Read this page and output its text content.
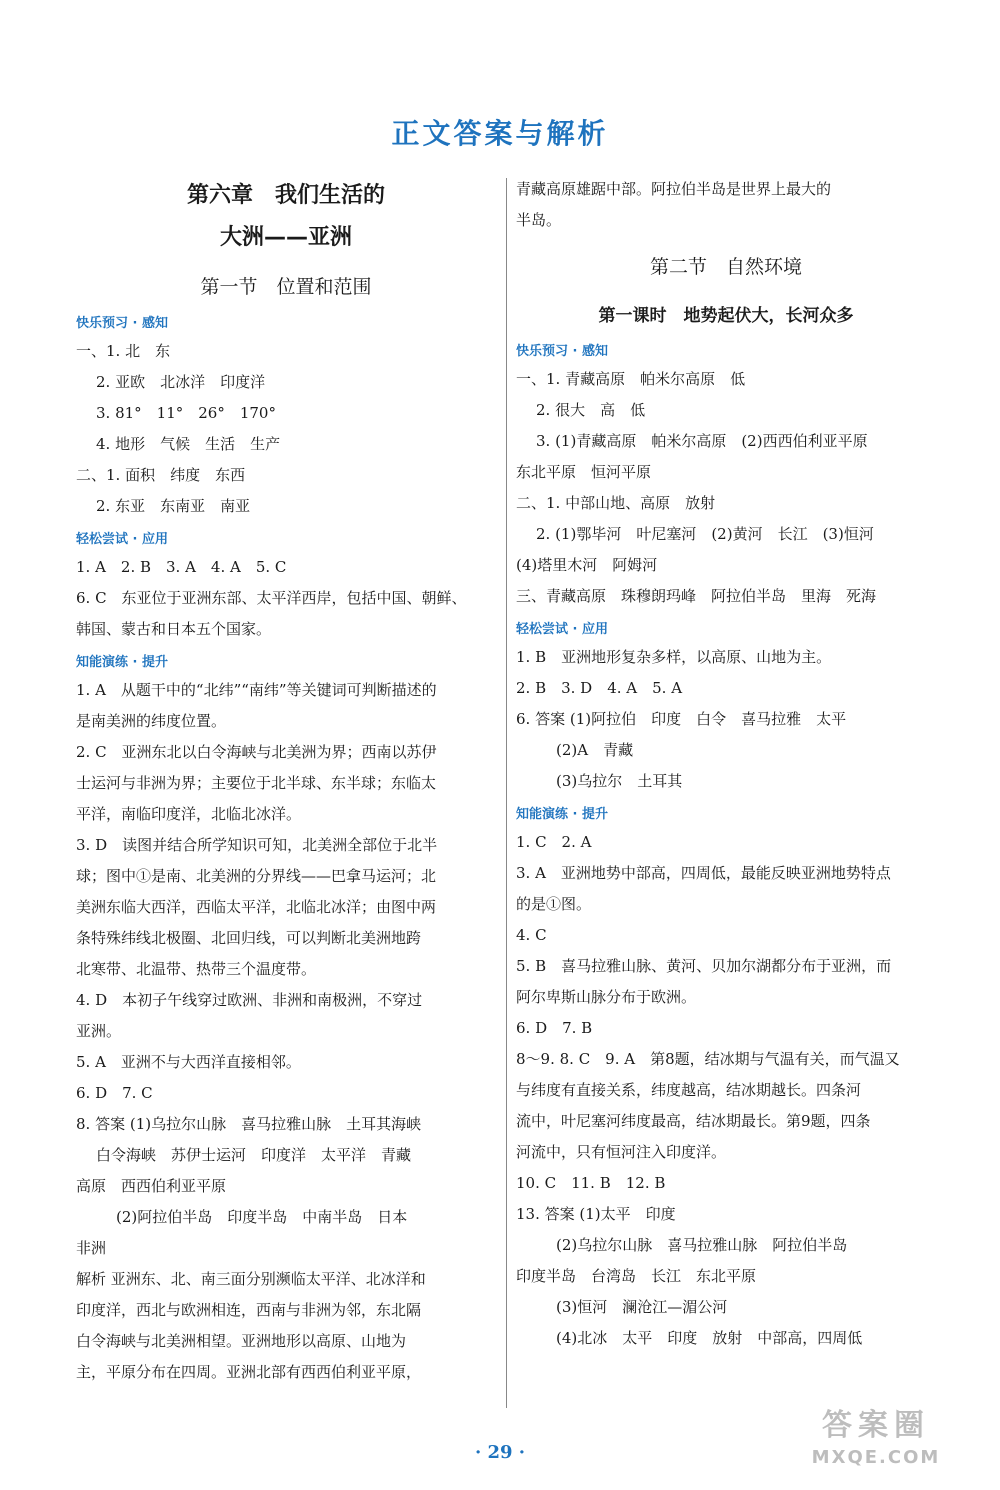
正文答案与解析
第六章　我们生活的
大洲——亚洲
第一节　位置和范围
快乐预习 · 感知
一、1. 北　东
2. 亚欧　北冰洋　印度洋
3. 81°　11°　26°　170°
4. 地形　气候　生活　生产
二、1. 面积　纬度　东西
2. 东亚　东南亚　南亚
轻松尝试 · 应用
1. A　2. B　3. A　4. A　5. C
6. C　东亚位于亚洲东部、太平洋西岸，包括中国、朝鲜、
韩国、蒙古和日本五个国家。
知能演练 · 提升
1. A　从题干中的“北纬”“南纬”等关键词可判断描述的
是南美洲的纬度位置。
2. C　亚洲东北以白令海峡与北美洲为界；西南以苏伊
士运河与非洲为界；主要位于北半球、东半球；东临太
平洋，南临印度洋，北临北冰洋。
3. D　读图并结合所学知识可知，北美洲全部位于北半
球；图中①是南、北美洲的分界线——巴拿马运河；北
美洲东临大西洋，西临太平洋，北临北冰洋；由图中两
条特殊纬线北极圈、北回归线，可以判断北美洲地跨
北寒带、北温带、热带三个温度带。
4. D　本初子午线穿过欧洲、非洲和南极洲，不穿过
亚洲。
5. A　亚洲不与大西洋直接相邻。
6. D　7. C
8. 答案 (1)乌拉尔山脉　喜马拉雅山脉　土耳其海峡
白令海峡　苏伊士运河　印度洋　太平洋　青藏
高原　西西伯利亚平原
(2)阿拉伯半岛　印度半岛　中南半岛　日本
非洲
解析 亚洲东、北、南三面分别濒临太平洋、北冰洋和
印度洋，西北与欧洲相连，西南与非洲为邻，东北隔
白令海峡与北美洲相望。亚洲地形以高原、山地为
主，平原分布在四周。亚洲北部有西西伯利亚平原，
青藏高原雄踞中部。阿拉伯半岛是世界上最大的
半岛。
第二节　自然环境
第一课时　地势起伏大，长河众多
快乐预习 · 感知
一、1. 青藏高原　帕米尔高原　低
2. 很大　高　低
3. (1)青藏高原　帕米尔高原　(2)西西伯利亚平原
东北平原　恒河平原
二、1. 中部山地、高原　放射
2. (1)鄂毕河　叶尼塞河　(2)黄河　长江　(3)恒河
(4)塔里木河　阿姆河
三、青藏高原　珠穆朗玛峰　阿拉伯半岛　里海　死海
轻松尝试 · 应用
1. B　亚洲地形复杂多样，以高原、山地为主。
2. B　3. D　4. A　5. A
6. 答案 (1)阿拉伯　印度　白令　喜马拉雅　太平
(2)A　青藏
(3)乌拉尔　土耳其
知能演练 · 提升
1. C　2. A
3. A　亚洲地势中部高，四周低，最能反映亚洲地势特点
的是①图。
4. C
5. B　喜马拉雅山脉、黄河、贝加尔湖都分布于亚洲，而
阿尔卑斯山脉分布于欧洲。
6. D　7. B
8～9. 8. C　9. A　第8题，结冰期与气温有关，而气温又
与纬度有直接关系，纬度越高，结冰期越长。四条河
流中，叶尼塞河纬度最高，结冰期最长。第9题，四条
河流中，只有恒河注入印度洋。
10. C　11. B　12. B
13. 答案 (1)太平　印度
(2)乌拉尔山脉　喜马拉雅山脉　阿拉伯半岛
印度半岛　台湾岛　长江　东北平原
(3)恒河　澜沧江—湄公河
(4)北冰　太平　印度　放射　中部高，四周低
· 29 ·
答案圈
MXQE.COM
